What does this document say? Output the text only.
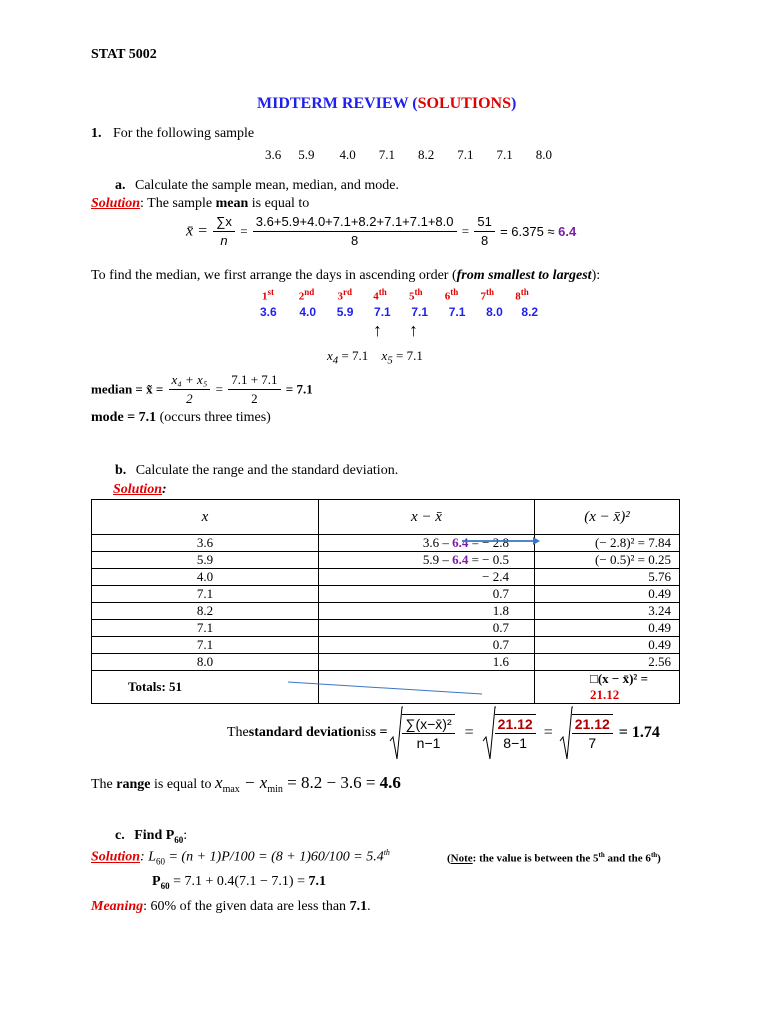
STAT 5002
MIDTERM REVIEW (SOLUTIONS)
1. For the following sample
3.6 5.9 4.0 7.1 8.2 7.1 7.1 8.0
a. Calculate the sample mean, median, and mode.
Solution: The sample mean is equal to
x̄ = $\frac{\sum x}{n} = \frac{3.6+5.9+4.0+7.1+8.2+7.1+7.1+8.0}{8} = \frac{51}{8} = 6.375 \approx 6.4$
To find the median, we first arrange the days in ascending order (from smallest to largest):
1st 2nd 3rd 4th 5th 6th 7th 8th
3.6 4.0 5.9 7.1 7.1 7.1 8.0 8.2
↑ ↑
$x_4 = 7.1$ $x_5 = 7.1$
median = x̃ = $\frac{\text{x₄ + x₅}}{2} = \frac{7.1 + 7.1}{2} = 7.1$
mode = 7.1 (occurs three times)
b. Calculate the range and the standard deviation.
Solution:
x	x − x̄	(x − x̄)²
3.6	3.6 – 6.4 = − 2.8	(− 2.8)² = 7.84
5.9	5.9 – 6.4 = − 0.5	(− 0.5)² = 0.25
4.0	− 2.4	5.76
7.1	0.7	0.49
8.2	1.8	3.24
7.1	0.7	0.49
7.1	0.7	0.49
8.0	1.6	2.56
Totals: 51		□(x − x̄)² = 21.12
The standard deviation is $s = \frac{\text{∑(x−x̄)²}}{n-1} = \frac{21.12}{8-1} = \frac{21.12}{7} = 1.74$
The range is equal to $x_{max} - x_{min} = 8.2 - 3.6 = 4.6$
c. Find $P_{60}$:
Solution: $L_{60} = (n + 1)P/100 = (8 + 1)60/100 = 5.4th$
(Note: the value is between the 5th and the 6th)
$P_{60} = 7.1 + 0.4(7.1 - 7.1) = 7.1$
Meaning: 60% of the given data are less than 7.1.
